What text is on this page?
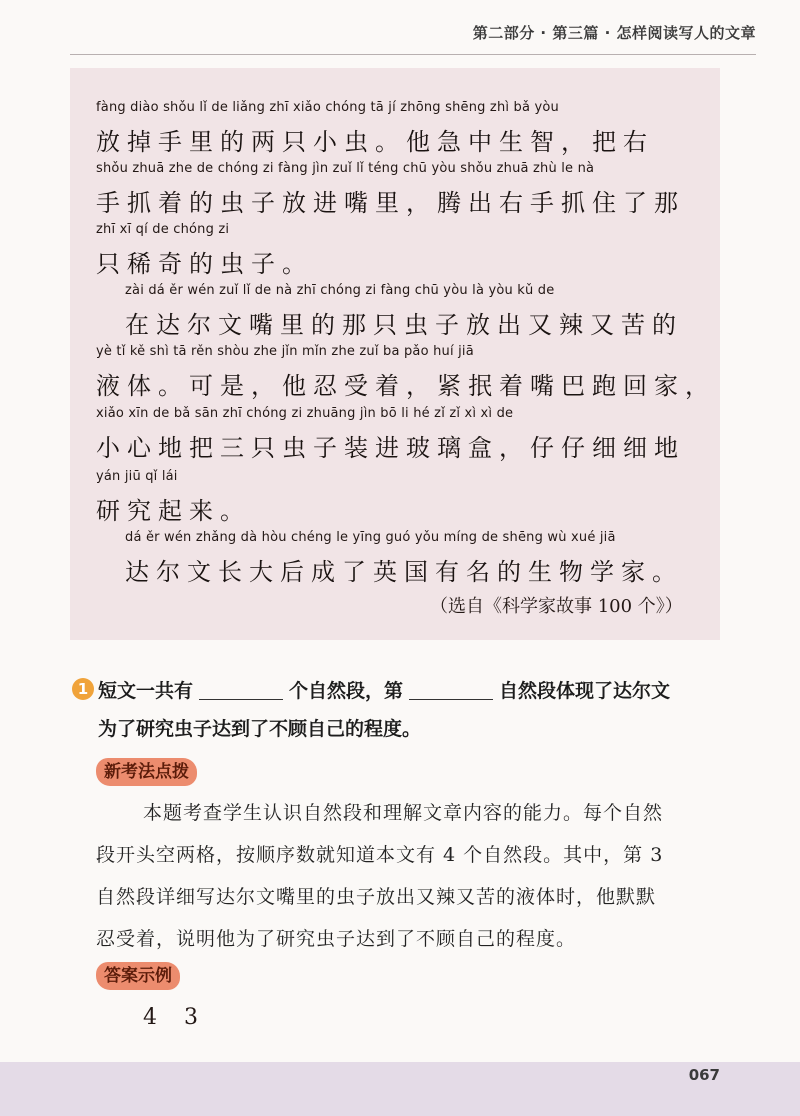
第二部分 · 第三篇 · 怎样阅读写人的文章
fàng diào shǒu lǐ de liǎng zhī xiǎo chóng tā jí zhōng shēng zhì bǎ yòu
放掉手里的两只小虫。他急中生智，把右
shǒu zhuā zhe de chóng zi fàng jìn zuǐ lǐ téng chū yòu shǒu zhuā zhù le nà
手抓着的虫子放进嘴里，腾出右手抓住了那
zhī xī qí de chóng zi
只稀奇的虫子。
zài dá ěr wén zuǐ lǐ de nà zhī chóng zi fàng chū yòu là yòu kǔ de
在达尔文嘴里的那只虫子放出又辣又苦的
yè tǐ kě shì tā rěn shòu zhe jǐn mǐn zhe zuǐ ba pǎo huí jiā
液体。可是，他忍受着，紧抿着嘴巴跑回家，
xiǎo xīn de bǎ sān zhī chóng zi zhuāng jìn bō li hé zǐ zǐ xì xì de
小心地把三只虫子装进玻璃盒，仔仔细细地
yán jiū qǐ lái
研究起来。
dá ěr wén zhǎng dà hòu chéng le yīng guó yǒu míng de shēng wù xué jiā
达尔文长大后成了英国有名的生物学家。
（选自《科学家故事 100 个》）
1 短文一共有	个自然段，第	自然段体现了达尔文
为了研究虫子达到了不顾自己的程度。
新考法点拨
本题考查学生认识自然段和理解文章内容的能力。每个自然
段开头空两格，按顺序数就知道本文有 4 个自然段。其中，第 3
自然段详细写达尔文嘴里的虫子放出又辣又苦的液体时，他默默
忍受着，说明他为了研究虫子达到了不顾自己的程度。
答案示例
4 3
067
